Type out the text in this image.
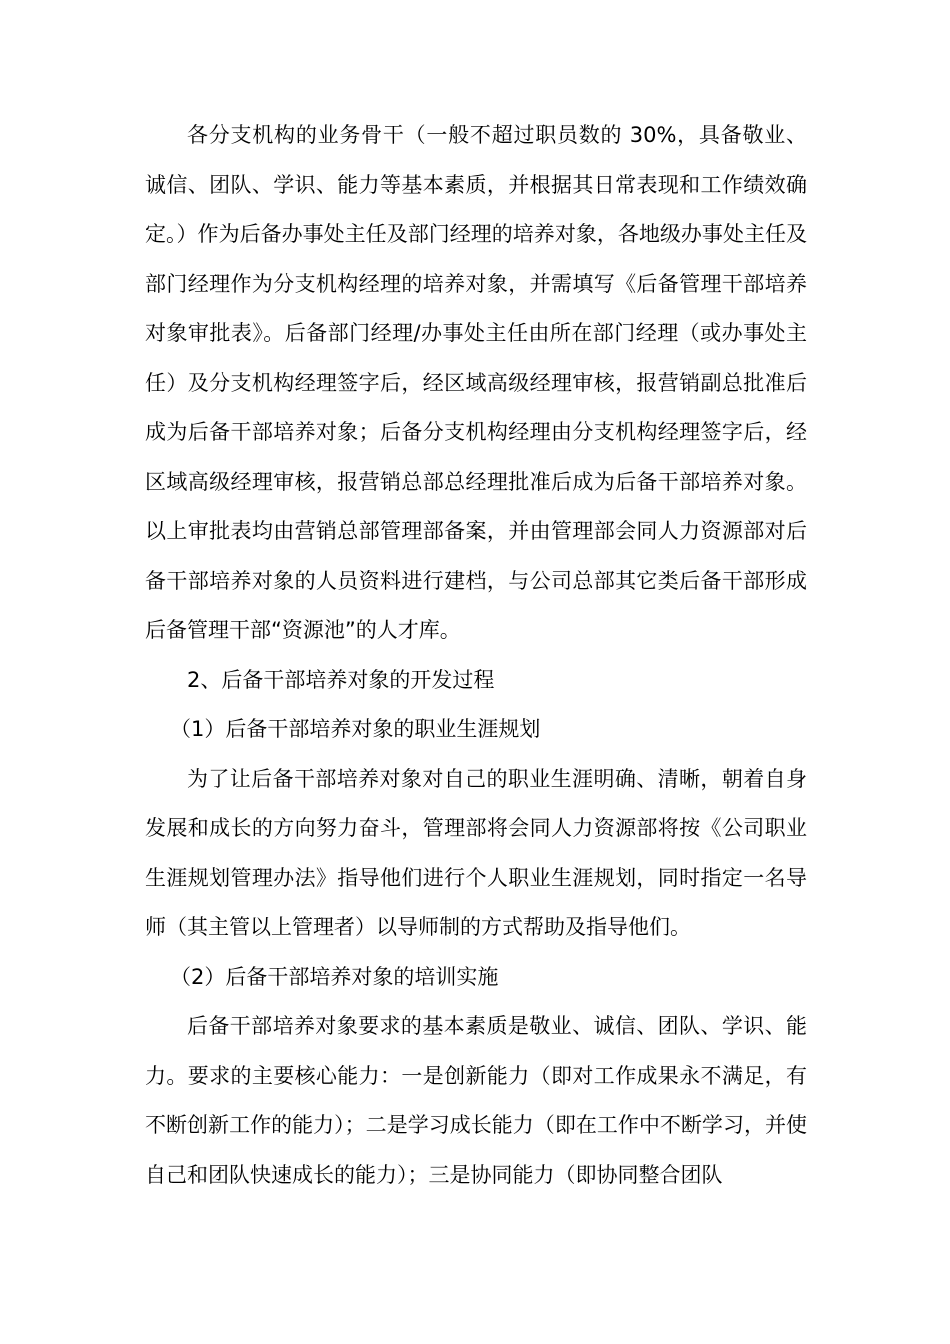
各分支机构的业务骨干（一般不超过职员数的 30%，具备敬业、诚信、团队、学识、能力等基本素质，并根据其日常表现和工作绩效确定。）作为后备办事处主任及部门经理的培养对象，各地级办事处主任及部门经理作为分支机构经理的培养对象，并需填写《后备管理干部培养对象审批表》。后备部门经理/办事处主任由所在部门经理（或办事处主任）及分支机构经理签字后，经区域高级经理审核，报营销副总批准后成为后备干部培养对象；后备分支机构经理由分支机构经理签字后，经区域高级经理审核，报营销总部总经理批准后成为后备干部培养对象。以上审批表均由营销总部管理部备案，并由管理部会同人力资源部对后备干部培养对象的人员资料进行建档，与公司总部其它类后备干部形成后备管理干部“资源池”的人才库。

2、后备干部培养对象的开发过程

（1）后备干部培养对象的职业生涯规划

为了让后备干部培养对象对自己的职业生涯明确、清晰，朝着自身发展和成长的方向努力奋斗，管理部将会同人力资源部将按《公司职业生涯规划管理办法》指导他们进行个人职业生涯规划，同时指定一名导师（其主管以上管理者）以导师制的方式帮助及指导他们。

（2）后备干部培养对象的培训实施

后备干部培养对象要求的基本素质是敬业、诚信、团队、学识、能力。要求的主要核心能力：一是创新能力（即对工作成果永不满足，有不断创新工作的能力）；二是学习成长能力（即在工作中不断学习，并使自己和团队快速成长的能力）；三是协同能力（即协同整合团队
